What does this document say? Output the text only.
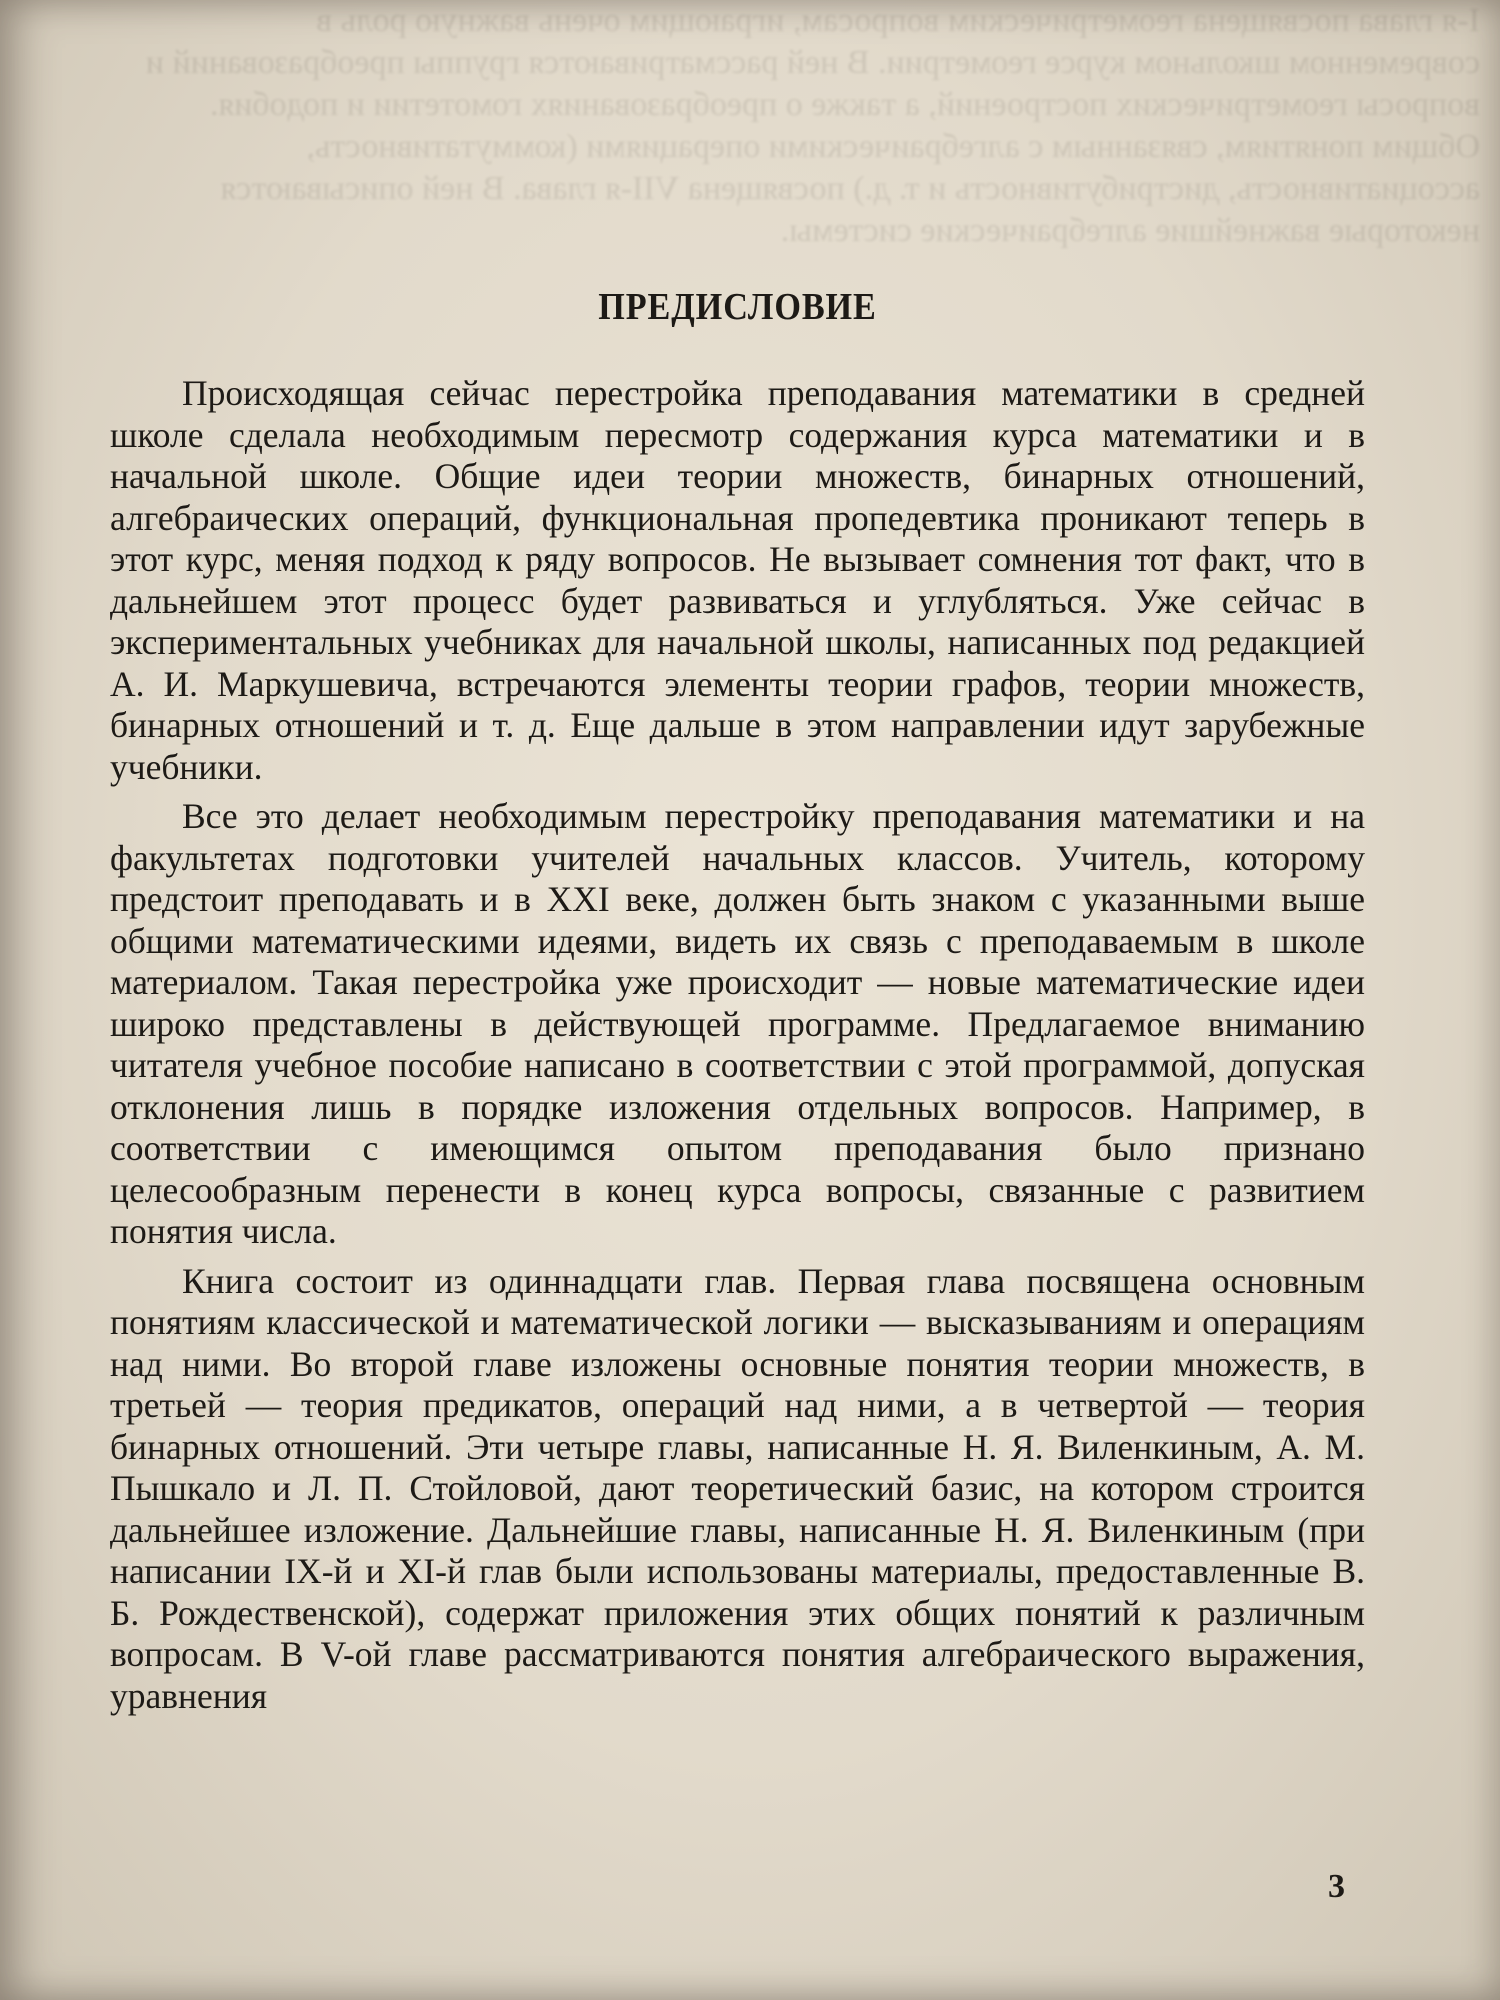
I-я глава посвящена геометрическим вопросам, играющим очень важную роль в современном школьном курсе геометрии. В ней рассматриваются группы преобразований и вопросы геометрических построений, а также о преобразованиях гомотетии и подобия. Общим понятиям, связанным с алгебраическими операциями (коммутативность, ассоциативность, дистрибутивность и т. д.) посвящена VII-я глава. В ней описываются некоторые важнейшие алгебраические системы.
ПРЕДИСЛОВИЕ

Происходящая сейчас перестройка преподавания математики в средней школе сделала необходимым пересмотр содержания курса математики и в начальной школе. Общие идеи теории множеств, бинарных отношений, алгебраических операций, функциональная пропедевтика проникают теперь в этот курс, меняя подход к ряду вопросов. Не вызывает сомнения тот факт, что в дальнейшем этот процесс будет развиваться и углубляться. Уже сейчас в экспериментальных учебниках для начальной школы, написанных под редакцией А. И. Маркушевича, встречаются элементы теории графов, теории множеств, бинарных отношений и т. д. Еще дальше в этом направлении идут зарубежные учебники.

Все это делает необходимым перестройку преподавания математики и на факультетах подготовки учителей начальных классов. Учитель, которому предстоит преподавать и в XXI веке, должен быть знаком с указанными выше общими математическими идеями, видеть их связь с преподаваемым в школе материалом. Такая перестройка уже происходит — новые математические идеи широко представлены в действующей программе. Предлагаемое вниманию читателя учебное пособие написано в соответствии с этой программой, допуская отклонения лишь в порядке изложения отдельных вопросов. Например, в соответствии с имеющимся опытом преподавания было признано целесообразным перенести в конец курса вопросы, связанные с развитием понятия числа.

Книга состоит из одиннадцати глав. Первая глава посвящена основным понятиям классической и математической логики — высказываниям и операциям над ними. Во второй главе изложены основные понятия теории множеств, в третьей — теория предикатов, операций над ними, а в четвертой — теория бинарных отношений. Эти четыре главы, написанные Н. Я. Виленкиным, А. М. Пышкало и Л. П. Стойловой, дают теоретический базис, на котором строится дальнейшее изложение. Дальнейшие главы, написанные Н. Я. Виленкиным (при написании IX-й и XI-й глав были использованы материалы, предоставленные В. Б. Рождественской), содержат приложения этих общих понятий к различным вопросам. В V-ой главе рассматриваются понятия алгебраического выражения, уравнения

3
